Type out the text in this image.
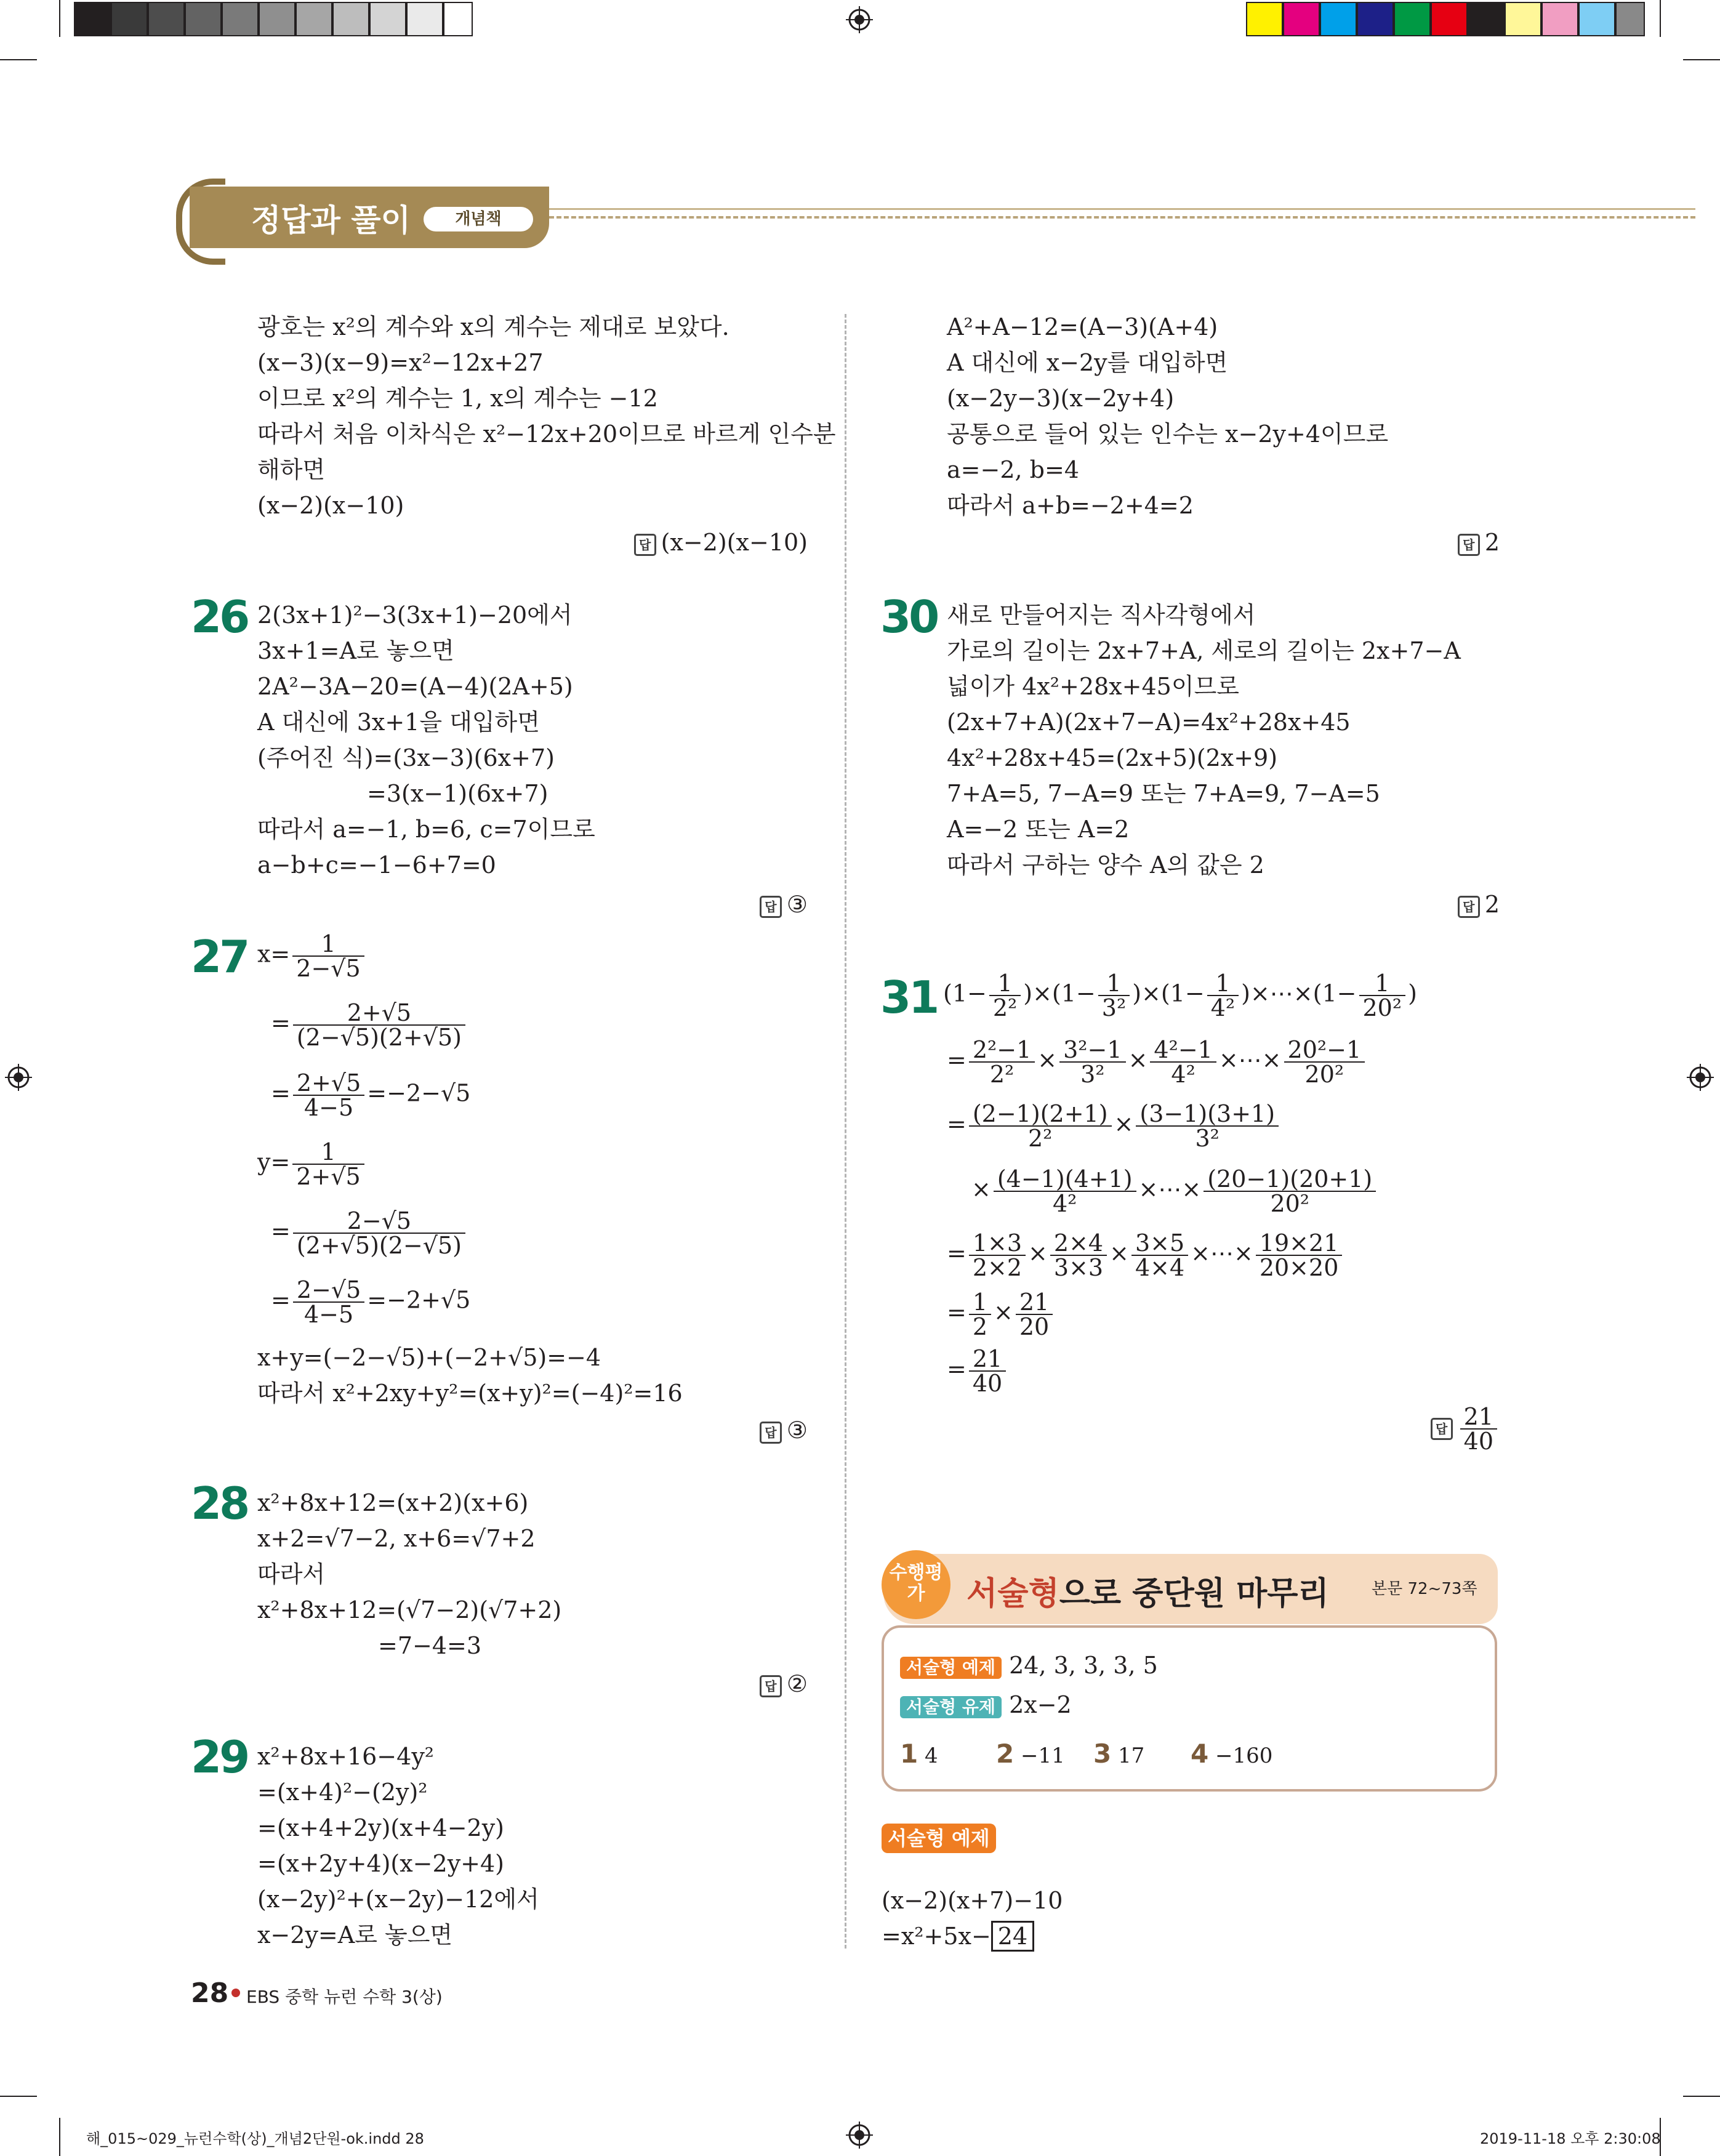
정답과 풀이	개념책
광호는 x²의 계수와 x의 계수는 제대로 보았다.
(x−3)(x−9)=x²−12x+27
이므로 x²의 계수는 1, x의 계수는 −12
따라서 처음 이차식은 x²−12x+20이므로 바르게 인수분
해하면
(x−2)(x−10)
답 (x−2)(x−10)
26 2(3x+1)²−3(3x+1)−20에서
3x+1=A로 놓으면
2A²−3A−20=(A−4)(2A+5)
A 대신에 3x+1을 대입하면
(주어진 식)=(3x−3)(6x+7)
=3(x−1)(6x+7)
따라서 a=−1, b=6, c=7이므로
a−b+c=−1−6+7=0
답 ③
27 $x= \frac{1}{2-√5}$
= $\frac{2+√5}{(2-√5)(2+√5)}$
= $\frac{2+√5}{4-5} =-2-√5$
$y= \frac{1}{2+√5}$
= $\frac{2-√5}{(2+√5)(2-√5)}$
= $\frac{2-√5}{4-5} =-2+√5$
x+y=(−2−√5)+(−2+√5)=−4
따라서 x²+2xy+y²=(x+y)²=(−4)²=16
답 ③
28 x²+8x+12=(x+2)(x+6)
x+2=√7−2, x+6=√7+2
따라서
x²+8x+12=(√7−2)(√7+2)
=7−4=3
답 ②
29 x²+8x+16−4y²
=(x+4)²−(2y)²
=(x+4+2y)(x+4−2y)
=(x+2y+4)(x−2y+4)
(x−2y)²+(x−2y)−12에서
x−2y=A로 놓으면
A²+A−12=(A−3)(A+4)
A 대신에 x−2y를 대입하면
(x−2y−3)(x−2y+4)
공통으로 들어 있는 인수는 x−2y+4이므로
a=−2, b=4
따라서 a+b=−2+4=2
답 2
30 새로 만들어지는 직사각형에서
가로의 길이는 2x+7+A, 세로의 길이는 2x+7−A
넓이가 4x²+28x+45이므로
(2x+7+A)(2x+7−A)=4x²+28x+45
4x²+28x+45=(2x+5)(2x+9)
7+A=5, 7−A=9 또는 7+A=9, 7−A=5
A=−2 또는 A=2
따라서 구하는 양수 A의 값은 2
답 2
31 $(1- \frac{1}{\text{2²}} )\times(1- \frac{1}{\text{3²}} )\times(1- \frac{1}{\text{4²}}$ )×⋯×(1− $\frac{1}{\text{20²}}$ )
= $\frac{\text{2²−1}}{\text{2²}} \times \frac{\text{3²−1}}{\text{3²}} \times \frac{\text{4²−1}}{\text{4²}}$ ×⋯× $\frac{\text{20²−1}}{\text{20²}}$
= $\frac{(2-1)(2+1)}{\text{2²}} \times \frac{(3-1)(3+1)}{\text{3²}}$
× $\frac{(4-1)(4+1)}{\text{4²}}$ ×⋯× $\frac{(20-1)(20+1)}{\text{20²}}$
= $\frac{1\times 3}{2\times 2} \times \frac{2\times 4}{3\times 3} \times \frac{3\times 5}{4\times 4}$ ×⋯× $\frac{19\times 21}{20\times 20}$
= $\frac{1}{2} \times \frac{21}{20}$
= $\frac{21}{40}$
답 $\frac{21}{40}$
수행평가	서술형으로 중단원 마무리	본문 72~73쪽
서술형 예제 24, 3, 3, 3, 5
서술형 유제 2x−2
1 4 2 −11 3 17 4 −160
서술형 예제
(x−2)(x+7)−10
=x²+5x− 24
28 EBS 중학 뉴런 수학 3(상)
해_015~029_뉴런수학(상)_개념2단원-ok.indd 28	2019-11-18 오후 2:30:08
